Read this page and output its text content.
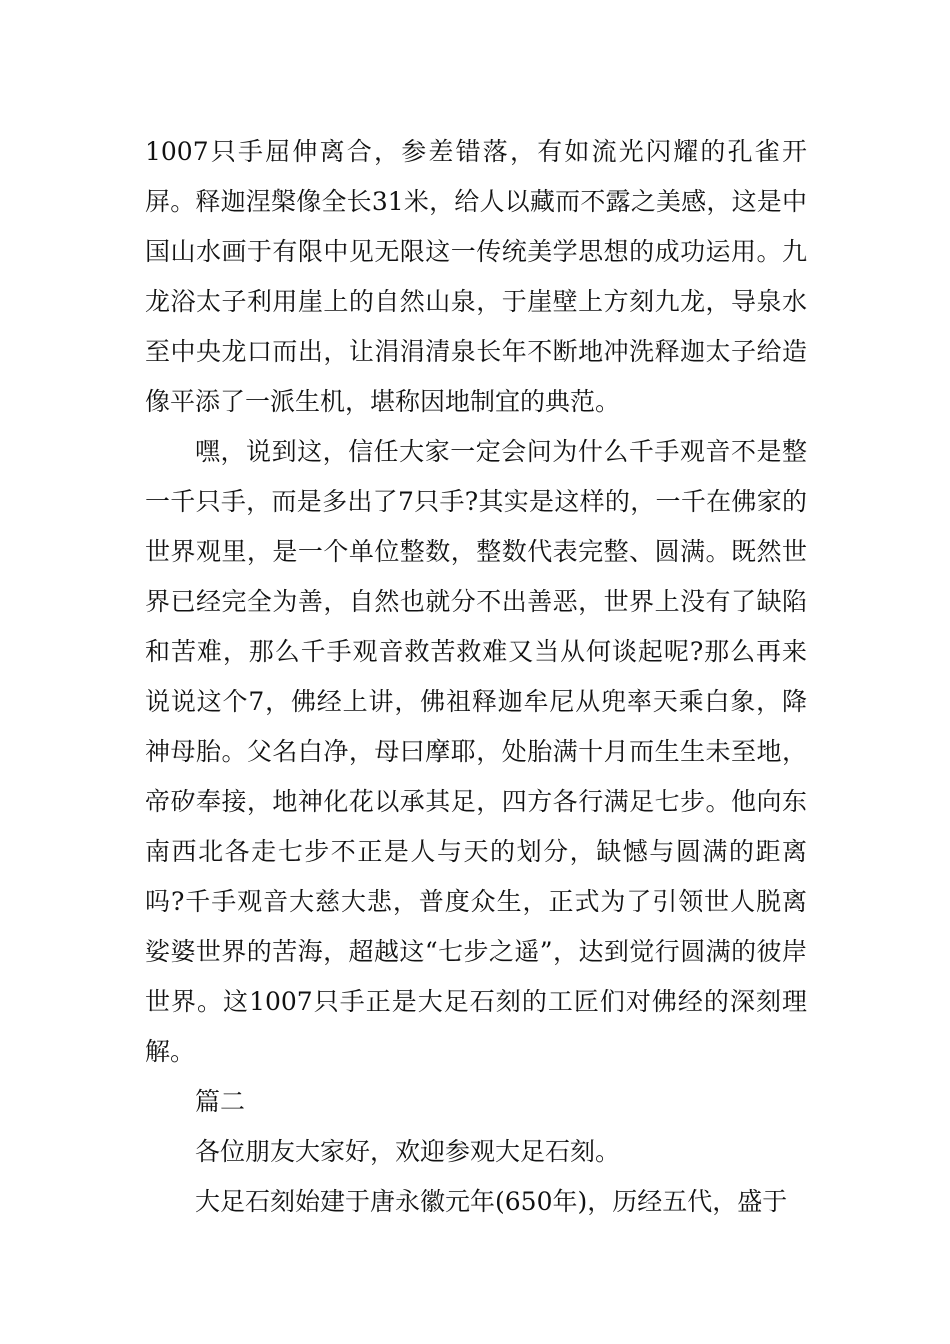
1007只手屈伸离合，参差错落，有如流光闪耀的孔雀开屏。释迦涅槃像全长31米，给人以藏而不露之美感，这是中国山水画于有限中见无限这一传统美学思想的成功运用。九龙浴太子利用崖上的自然山泉，于崖壁上方刻九龙，导泉水至中央龙口而出，让涓涓清泉长年不断地冲洗释迦太子给造像平添了一派生机，堪称因地制宜的典范。

嘿，说到这，信任大家一定会问为什么千手观音不是整一千只手，而是多出了7只手?其实是这样的，一千在佛家的世界观里，是一个单位整数，整数代表完整、圆满。既然世界已经完全为善，自然也就分不出善恶，世界上没有了缺陷和苦难，那么千手观音救苦救难又当从何谈起呢?那么再来说说这个7，佛经上讲，佛祖释迦牟尼从兜率天乘白象，降神母胎。父名白净，母曰摩耶，处胎满十月而生生未至地，帝矽奉接，地神化花以承其足，四方各行满足七步。他向东南西北各走七步不正是人与天的划分，缺憾与圆满的距离吗?千手观音大慈大悲，普度众生，正式为了引领世人脱离娑婆世界的苦海，超越这“七步之遥”，达到觉行圆满的彼岸世界。这1007只手正是大足石刻的工匠们对佛经的深刻理解。

篇二

各位朋友大家好，欢迎参观大足石刻。

大足石刻始建于唐永徽元年(650年)，历经五代，盛于
